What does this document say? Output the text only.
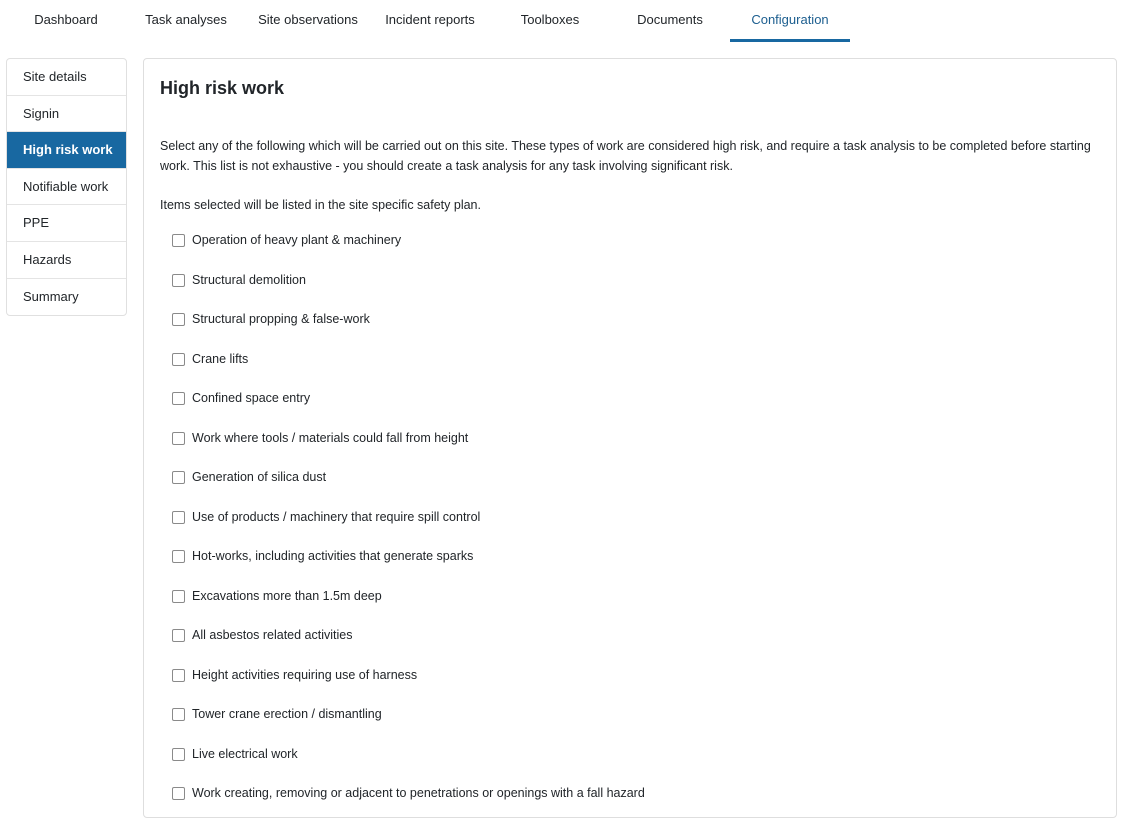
Dashboard	Task analyses	Site observations	Incident reports	Toolboxes	Documents	Configuration
Site details
Signin
High risk work
Notifiable work
PPE
Hazards
Summary
High risk work

Select any of the following which will be carried out on this site. These types of work are considered high risk, and require a task analysis to be completed before starting work. This list is not exhaustive - you should create a task analysis for any task involving significant risk.

Items selected will be listed in the site specific safety plan.

Operation of heavy plant & machinery
Structural demolition
Structural propping & false-work
Crane lifts
Confined space entry
Work where tools / materials could fall from height
Generation of silica dust
Use of products / machinery that require spill control
Hot-works, including activities that generate sparks
Excavations more than 1.5m deep
All asbestos related activities
Height activities requiring use of harness
Tower crane erection / dismantling
Live electrical work
Work creating, removing or adjacent to penetrations or openings with a fall hazard
